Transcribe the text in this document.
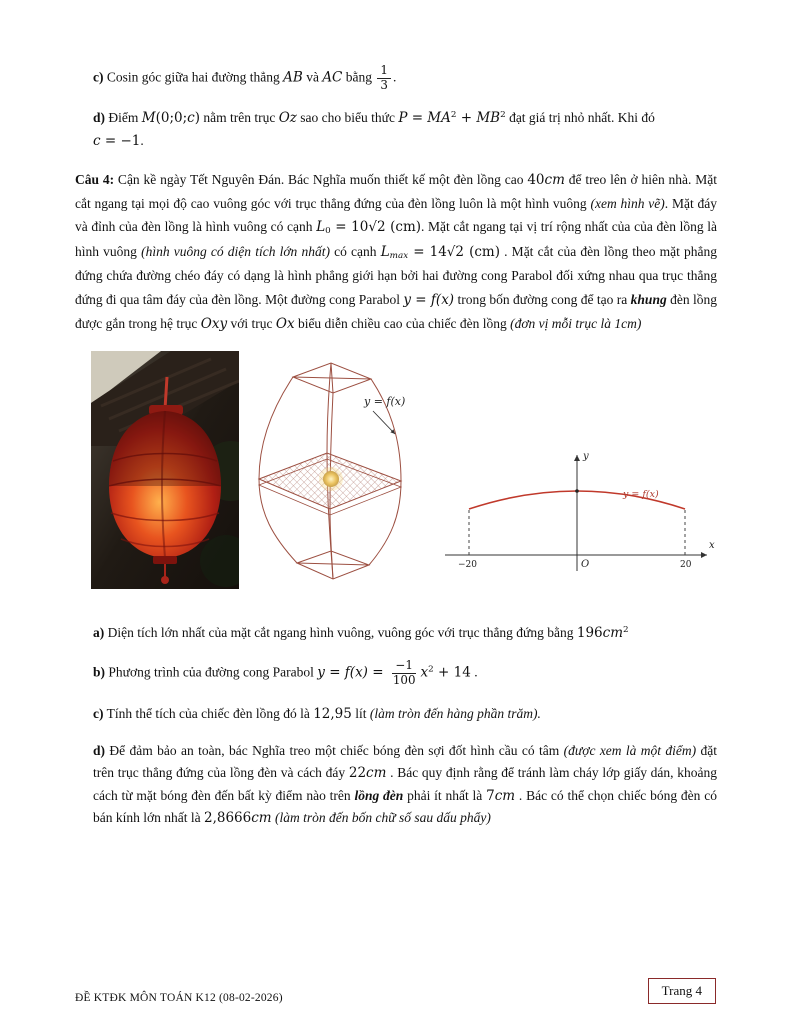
c) Cosin góc giữa hai đường thẳng AB và AC bằng $\frac{1}{3}$ .

d) Điểm M(0;0;c) nằm trên trục Oz sao cho biểu thức $P = MA^2 + MB^2$ đạt giá trị nhỏ nhất. Khi đó
c = −1.

Câu 4: Cận kề ngày Tết Nguyên Đán. Bác Nghĩa muốn thiết kế một đèn lồng cao 40cm để treo lên ở hiên nhà. Mặt cắt ngang tại mọi độ cao vuông góc với trục thẳng đứng của đèn lồng luôn là một hình vuông (xem hình vẽ). Mặt đáy và đỉnh của đèn lồng là hình vuông có cạnh L0 = 10√2 (cm). Mặt cắt ngang tại vị trí rộng nhất của của đèn lồng là hình vuông (hình vuông có diện tích lớn nhất) có cạnh Lmax = 14√2 (cm) . Mặt cắt của đèn lồng theo mặt phẳng đứng chứa đường chéo đáy có dạng là hình phẳng giới hạn bởi hai đường cong Parabol đối xứng nhau qua trục thẳng đứng đi qua tâm đáy của đèn lồng. Một đường cong Parabol y = f(x) trong bốn đường cong để tạo ra khung đèn lồng được gắn trong hệ trục Oxy với trục Ox biểu diễn chiều cao của chiếc đèn lồng (đơn vị mỗi trục là 1cm)

y = f(x)
y
x
O
−20	20
y = f(x)

a) Diện tích lớn nhất của mặt cắt ngang hình vuông, vuông góc với trục thẳng đứng bằng $196cm^2$

b) Phương trình của đường cong Parabol $y = f(x) = \frac{-1}{100} x^2 + 14$ .

c) Tính thể tích của chiếc đèn lồng đó là 12,95 lít (làm tròn đến hàng phần trăm).

d) Để đảm bảo an toàn, bác Nghĩa treo một chiếc bóng đèn sợi đốt hình cầu có tâm (được xem là một điểm) đặt trên trục thẳng đứng của lồng đèn và cách đáy 22cm . Bác quy định rằng để tránh làm cháy lớp giấy dán, khoảng cách từ mặt bóng đèn đến bất kỳ điểm nào trên lồng đèn phải ít nhất là 7cm . Bác có thể chọn chiếc bóng đèn có bán kính lớn nhất là 2,8666cm (làm tròn đến bốn chữ số sau dấu phẩy)

ĐỀ KTĐK MÔN TOÁN K12 (08-02-2026)	Trang 4
